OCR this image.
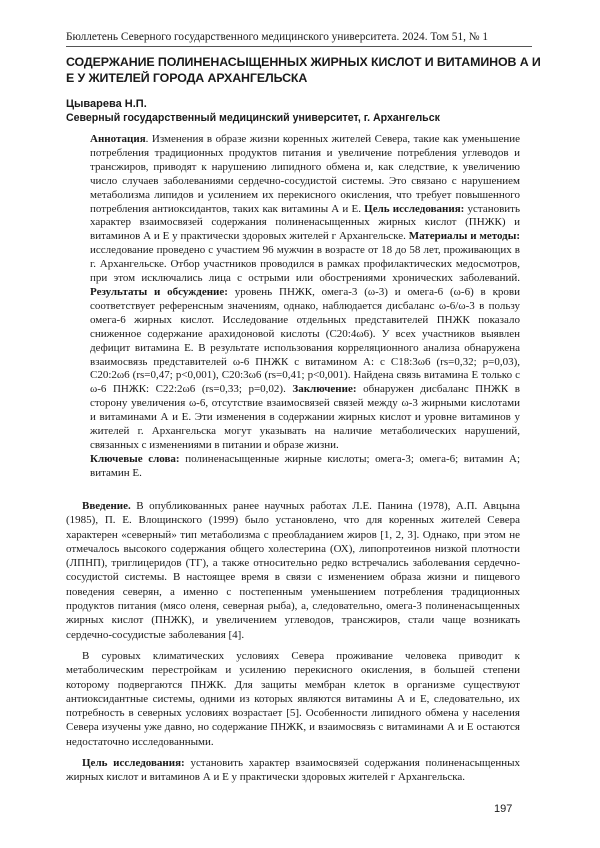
Бюллетень Северного государственного медицинского университета. 2024. Том 51, № 1
СОДЕРЖАНИЕ ПОЛИНЕНАСЫЩЕННЫХ ЖИРНЫХ КИСЛОТ И ВИТАМИНОВ А И Е У ЖИТЕЛЕЙ ГОРОДА АРХАНГЕЛЬСКА
Цыварева Н.П.
Северный государственный медицинский университет, г. Архангельск

Аннотация. Изменения в образе жизни коренных жителей Севера, такие как уменьшение потребления традиционных продуктов питания и увеличение потребления углеводов и трансжиров, приводят к нарушению липидного обмена и, как следствие, к увеличению число случаев заболеваниями сердечно-сосудистой системы. Это связано с нарушением метаболизма липидов и усилением их перекисного окисления, что требует повышенного потребления антиоксидантов, таких как витамины А и Е. Цель исследования: установить характер взаимосвязей содержания полиненасыщенных жирных кислот (ПНЖК) и витаминов А и Е у практически здоровых жителей г Архангельске. Материалы и методы: исследование проведено с участием 96 мужчин в возрасте от 18 до 58 лет, проживающих в г. Архангельске. Отбор участников проводился в рамках профилактических медосмотров, при этом исключались лица с острыми или обострениями хронических заболеваний. Результаты и обсуждение: уровень ПНЖК, омега-3 (ω-3) и омега-6 (ω-6) в крови соответствует референсным значениям, однако, наблюдается дисбаланс ω-6/ω-3 в пользу омега-6 жирных кислот. Исследование отдельных представителей ПНЖК показало сниженное содержание арахидоновой кислоты (С20:4ω6). У всех участников выявлен дефицит витамина Е. В результате использования корреляционного анализа обнаружена взаимосвязь представителей ω-6 ПНЖК с витамином А: с С18:3ω6 (rs=0,32; p=0,03), С20:2ω6 (rs=0,47; p<0,001), С20:3ω6 (rs=0,41; p<0,001). Найдена связь витамина Е только с ω-6 ПНЖК: С22:2ω6 (rs=0,33; p=0,02). Заключение: обнаружен дисбаланс ПНЖК в сторону увеличения ω-6, отсутствие взаимосвязей связей между ω-3 жирными кислотами и витаминами А и Е. Эти изменения в содержании жирных кислот и уровне витаминов у жителей г. Архангельска могут указывать на наличие метаболических нарушений, связанных с изменениями в питании и образе жизни.

Ключевые слова: полиненасыщенные жирные кислоты; омега-3; омега-6; витамин А; витамин Е.

Введение. В опубликованных ранее научных работах Л.Е. Панина (1978), А.П. Авцына (1985), П. Е. Влощинского (1999) было установлено, что для коренных жителей Севера характерен «северный» тип метаболизма с преобладанием жиров [1, 2, 3]. Однако, при этом не отмечалось высокого содержания общего холестерина (ОХ), липопротеинов низкой плотности (ЛПНП), триглицеридов (ТГ), а также относительно редко встречались заболевания сердечно-сосудистой системы. В настоящее время в связи с изменением образа жизни и пищевого поведения северян, а именно с постепенным уменьшением потребления традиционных продуктов питания (мясо оленя, северная рыба), а, следовательно, омега-3 полиненасыщенных жирных кислот (ПНЖК), и увеличением углеводов, трансжиров, стали чаще возникать сердечно-сосудистые заболевания [4].

В суровых климатических условиях Севера проживание человека приводит к метаболическим перестройкам и усилению перекисного окисления, в большей степени которому подвергаются ПНЖК. Для защиты мембран клеток в организме существуют антиоксидантные системы, одними из которых являются витамины А и Е, следовательно, их потребность в северных условиях возрастает [5]. Особенности липидного обмена у населения Севера изучены уже давно, но содержание ПНЖК, и взаимосвязь с витаминами А и Е остаются недостаточно исследованными.

Цель исследования: установить характер взаимосвязей содержания полиненасыщенных жирных кислот и витаминов А и Е у практически здоровых жителей г Архангельска.

197
